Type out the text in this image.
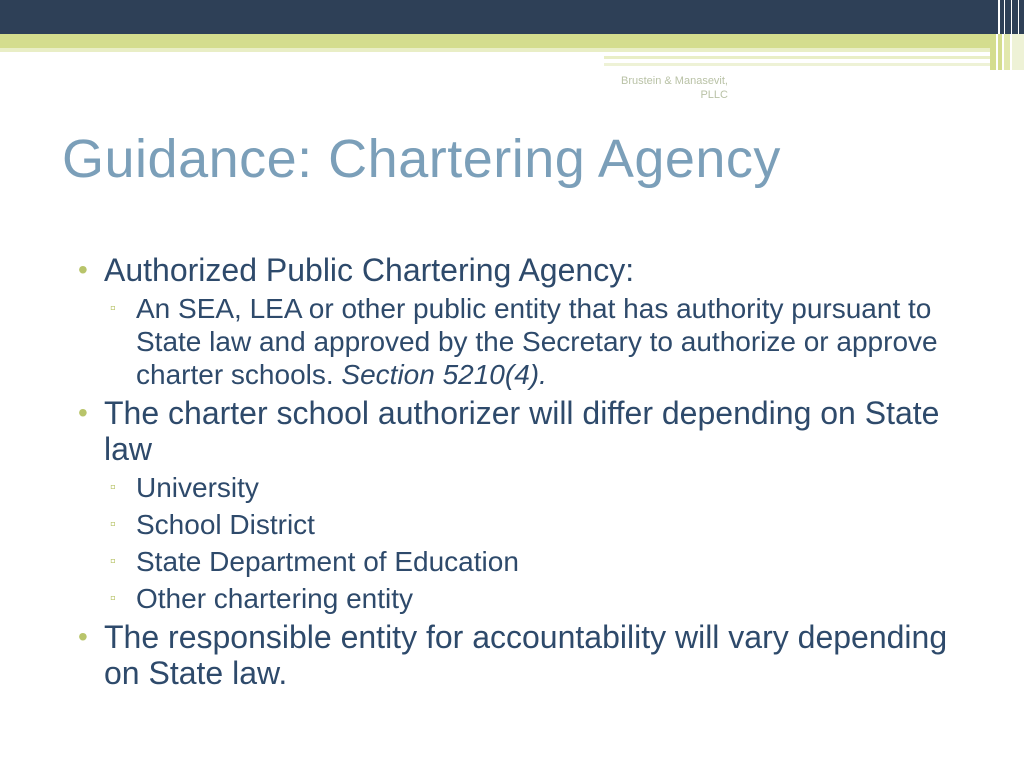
Brustein & Manasevit,
PLLC
Guidance: Chartering Agency
• Authorized Public Chartering Agency:
▫ An SEA, LEA or other public entity that has authority pursuant to State law and approved by the Secretary to authorize or approve charter schools. Section 5210(4).
• The charter school authorizer will differ depending on State law
▫ University
▫ School District
▫ State Department of Education
▫ Other chartering entity
• The responsible entity for accountability will vary depending on State law.
